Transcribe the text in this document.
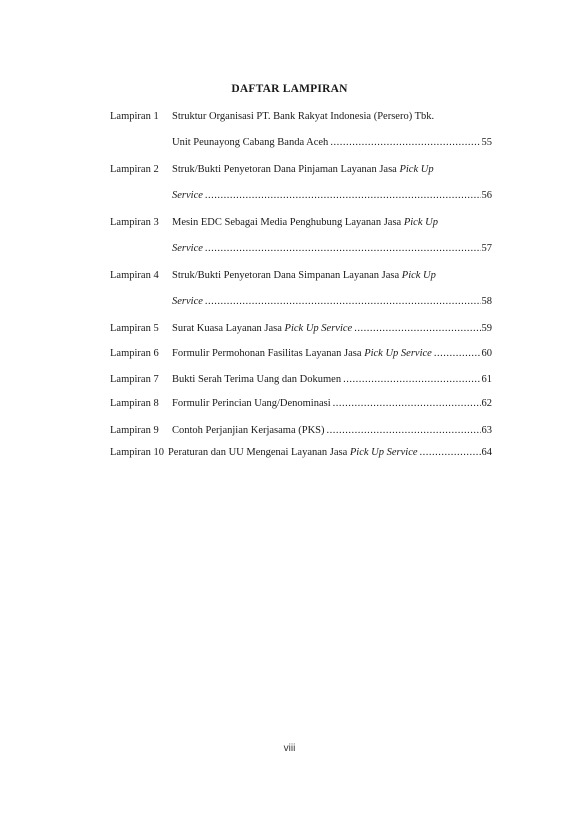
DAFTAR LAMPIRAN
Lampiran 1	Struktur Organisasi PT. Bank Rakyat Indonesia (Persero) Tbk.
Unit Peunayong Cabang Banda Aceh .....	55
Lampiran 2	Struk/Bukti Penyetoran Dana Pinjaman Layanan Jasa Pick Up
Service .....	56
Lampiran 3	Mesin EDC Sebagai Media Penghubung Layanan Jasa Pick Up
Service .....	57
Lampiran 4	Struk/Bukti Penyetoran Dana Simpanan Layanan Jasa Pick Up
Service .....	58
Lampiran 5	Surat Kuasa Layanan Jasa Pick Up Service .....	59
Lampiran 6	Formulir Permohonan Fasilitas Layanan Jasa Pick Up Service .....	60
Lampiran 7	Bukti Serah Terima Uang dan Dokumen .....	61
Lampiran 8	Formulir Perincian Uang/Denominasi .....	62
Lampiran 9	Contoh Perjanjian Kerjasama (PKS) .....	63
Lampiran 10 Peraturan dan UU Mengenai Layanan Jasa Pick Up Service .....	64
viii
